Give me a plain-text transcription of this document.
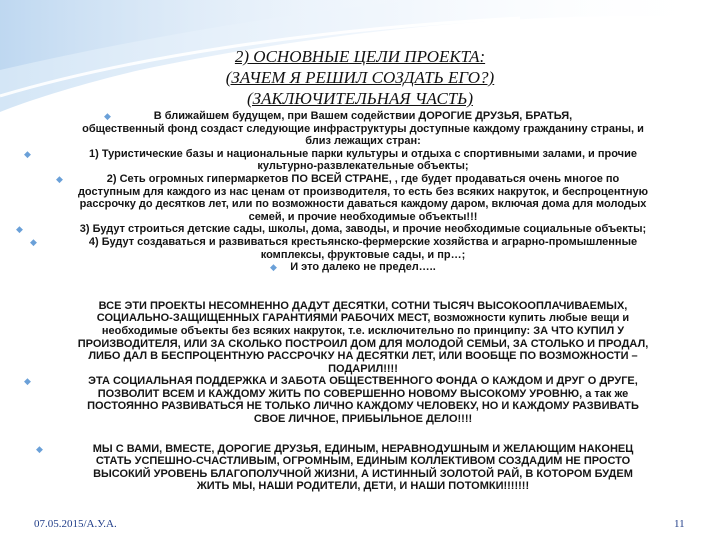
2) ОСНОВНЫЕ ЦЕЛИ ПРОЕКТА:
(ЗАЧЕМ Я РЕШИЛ СОЗДАТЬ ЕГО?)
(ЗАКЛЮЧИТЕЛЬНАЯ ЧАСТЬ)
◆	В ближайшем будущем, при Вашем содействии ДОРОГИЕ ДРУЗЬЯ, БРАТЬЯ,
общественный фонд создаст следующие инфраструктуры доступные каждому гражданину страны, и
близ лежащих стран:
◆	1) Туристические базы и национальные парки культуры и отдыха с спортивными залами, и прочие
культурно-развлекательные объекты;
◆	2) Сеть огромных гипермаркетов ПО ВСЕЙ СТРАНЕ, , где будет продаваться очень многое по
доступным для каждого из нас ценам от производителя, то есть без всяких накруток, и беспроцентную
рассрочку до десятков лет, или по возможности даваться каждому даром, включая дома для молодых
семей, и прочие необходимые объекты!!!
◆	3) Будут строиться детские сады, школы, дома, заводы, и прочие необходимые социальные объекты;
◆	4) Будут создаваться и развиваться крестьянско-фермерские хозяйства и аграрно-промышленные
комплексы, фруктовые сады, и пр…;
◆	И это далеко не предел…..
ВСЕ ЭТИ ПРОЕКТЫ НЕСОМНЕННО ДАДУТ ДЕСЯТКИ, СОТНИ ТЫСЯЧ ВЫСОКООПЛАЧИВАЕМЫХ,
СОЦИАЛЬНО-ЗАЩИЩЕННЫХ ГАРАНТИЯМИ РАБОЧИХ МЕСТ, возможности купить любые вещи и
необходимые объекты без всяких накруток, т.е. исключительно по принципу: ЗА ЧТО КУПИЛ У
ПРОИЗВОДИТЕЛЯ, ИЛИ ЗА СКОЛЬКО ПОСТРОИЛ ДОМ ДЛЯ МОЛОДОЙ СЕМЬИ, ЗА СТОЛЬКО И ПРОДАЛ,
ЛИБО ДАЛ В БЕСПРОЦЕНТНУЮ РАССРОЧКУ НА ДЕСЯТКИ ЛЕТ, ИЛИ ВООБЩЕ ПО ВОЗМОЖНОСТИ –
ПОДАРИЛ!!!!
◆	ЭТА СОЦИАЛЬНАЯ ПОДДЕРЖКА И ЗАБОТА ОБЩЕСТВЕННОГО ФОНДА О КАЖДОМ И ДРУГ О ДРУГЕ,
ПОЗВОЛИТ ВСЕМ И КАЖДОМУ ЖИТЬ ПО СОВЕРШЕННО НОВОМУ ВЫСОКОМУ УРОВНЮ, а так же
ПОСТОЯННО РАЗВИВАТЬСЯ НЕ ТОЛЬКО ЛИЧНО КАЖДОМУ ЧЕЛОВЕКУ, НО И КАЖДОМУ РАЗВИВАТЬ
СВОЕ ЛИЧНОЕ, ПРИБЫЛЬНОЕ ДЕЛО!!!!
◆	МЫ С ВАМИ, ВМЕСТЕ, ДОРОГИЕ ДРУЗЬЯ, ЕДИНЫМ, НЕРАВНОДУШНЫМ И ЖЕЛАЮЩИМ НАКОНЕЦ
СТАТЬ УСПЕШНО-СЧАСТЛИВЫМ, ОГРОМНЫМ, ЕДИНЫМ КОЛЛЕКТИВОМ СОЗДАДИМ НЕ ПРОСТО
ВЫСОКИЙ УРОВЕНЬ БЛАГОПОЛУЧНОЙ ЖИЗНИ, А ИСТИННЫЙ ЗОЛОТОЙ РАЙ, В КОТОРОМ БУДЕМ
ЖИТЬ МЫ, НАШИ РОДИТЕЛИ, ДЕТИ, И НАШИ ПОТОМКИ!!!!!!!
07.05.2015/А.У.А.	11
